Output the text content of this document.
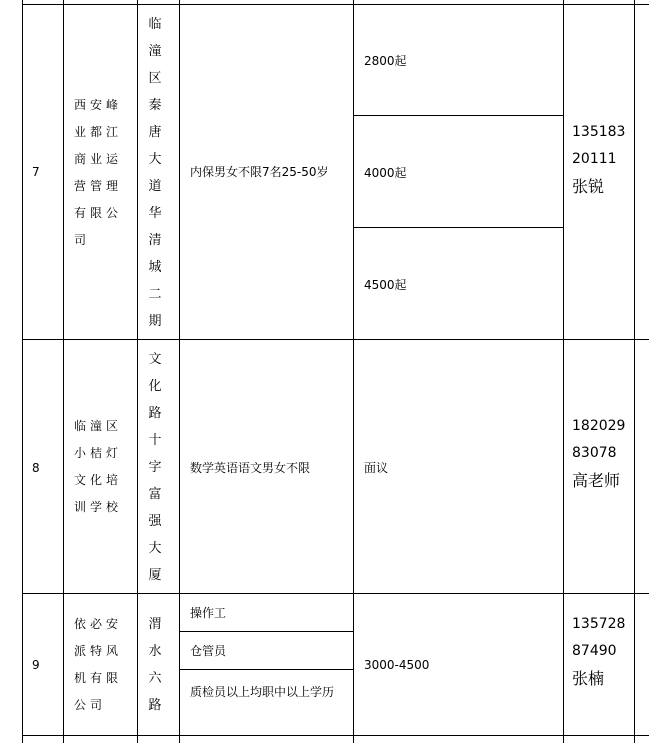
7
西安峰业都江商业运营管理有限公司
临潼区秦唐大道华清城二期
内保男女不限7名25-50岁
2800起
4000起
4500起
13518320111
张锐
8
临潼区小桔灯文化培训学校
文化路十字富强大厦
数学英语语文男女不限	面议
18202983078
高老师
9
依必安派特风机有限公司
渭水六路
操作工
仓管员
质检员以上均职中以上学历
3000-4500
13572887490
张楠
